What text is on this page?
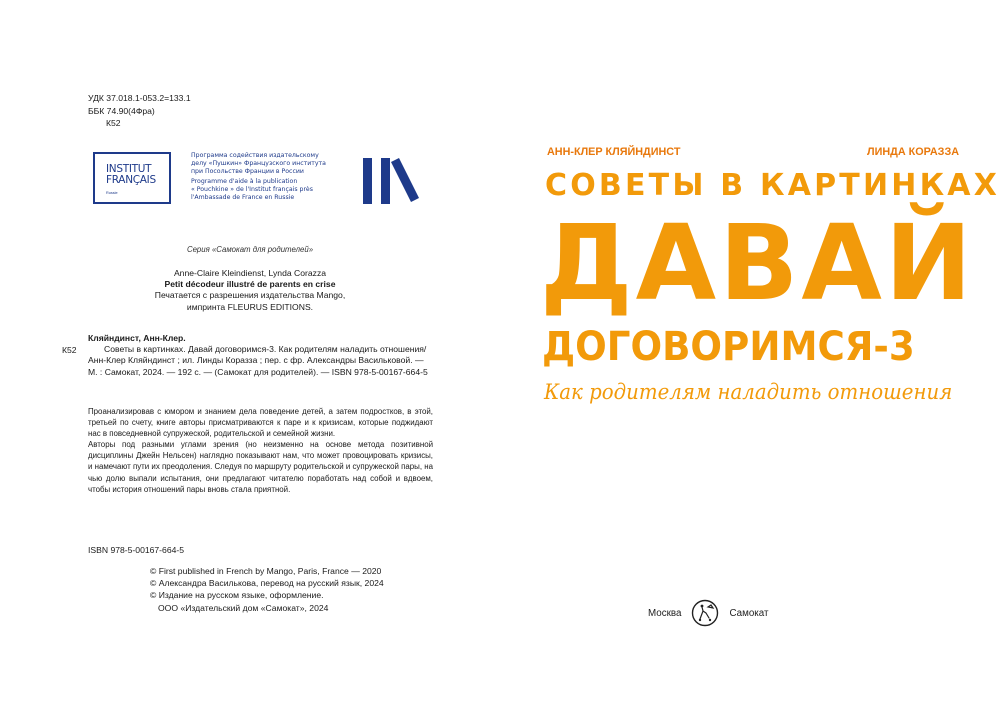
УДК 37.018.1-053.2=133.1
ББК 74.90(4Фра)
К52
INSTITUT
FRANÇAIS
Russie
Программа содействия издательскому
делу «Пушкин» Французского института
при Посольстве Франции в России
Programme d'aide à la publication
« Pouchkine » de l'Institut français près
l'Ambassade de France en Russie
Серия «Самокат для родителей»
Anne-Claire Kleindienst, Lynda Corazza
Petit décodeur illustré de parents en crise
Печатается с разрешения издательства Mango,
импринта FLEURUS EDITIONS.
Кляйндинст, Анн-Клер.
К52	Советы в картинках. Давай договоримся-3. Как родителям наладить отношения/Анн-Клер Кляйндинст ; ил. Линды Коразза ; пер. с фр. Александры Васильковой. — М. : Самокат, 2024. — 192 с. — (Самокат для родителей). — ISBN 978-5-00167-664-5

Проанализировав с юмором и знанием дела поведение детей, а затем подростков, в этой, третьей по счету, книге авторы присматриваются к паре и к кризисам, которые поджидают нас в повседневной супружеской, родительской и семейной жизни.

Авторы под разными углами зрения (но неизменно на основе метода позитивной дисциплины Джейн Нельсен) наглядно показывают нам, что может провоцировать кризисы, и намечают пути их преодоления. Следуя по маршруту родительской и супружеской пары, на чью долю выпали испытания, они предлагают читателю поработать над собой и вдвоем, чтобы история отношений пары вновь стала приятной.

ISBN 978-5-00167-664-5
© First published in French by Mango, Paris, France — 2020
© Александра Василькова, перевод на русский язык, 2024
© Издание на русском языке, оформление.
ООО «Издательский дом «Самокат», 2024
АНН-КЛЕР КЛЯЙНДИНСТ	ЛИНДА КОРАЗЗА
СОВЕТЫ В КАРТИНКАХ
ДАВАЙ
ДОГОВОРИМСЯ-3
Как родителям наладить отношения
Москва	Самокат
